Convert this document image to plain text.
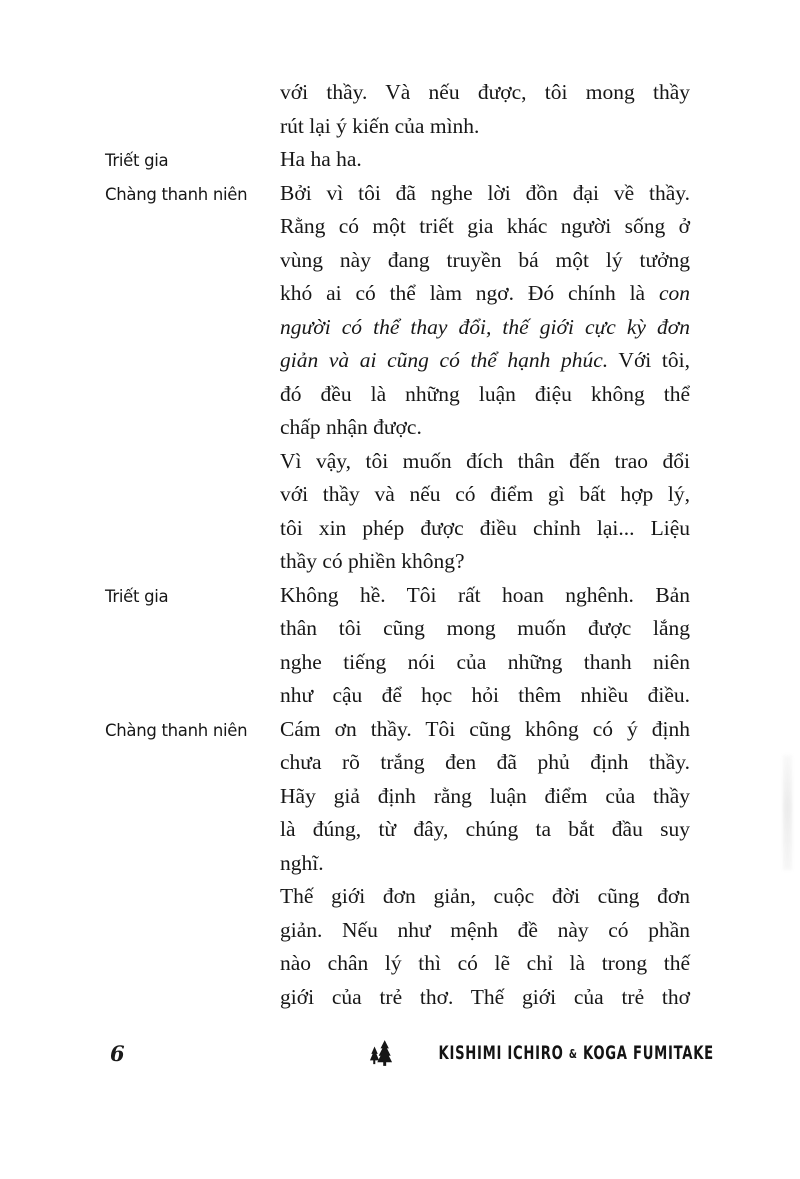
với thầy. Và nếu được, tôi mong thầy
rút lại ý kiến của mình.
Triết gia	Ha ha ha.
Chàng thanh niên	Bởi vì tôi đã nghe lời đồn đại về thầy.
Rằng có một triết gia khác người sống ở
vùng này đang truyền bá một lý tưởng
khó ai có thể làm ngơ. Đó chính là con
người có thể thay đổi, thế giới cực kỳ đơn
giản và ai cũng có thể hạnh phúc. Với tôi,
đó đều là những luận điệu không thể
chấp nhận được.
Vì vậy, tôi muốn đích thân đến trao đổi
với thầy và nếu có điểm gì bất hợp lý,
tôi xin phép được điều chỉnh lại... Liệu
thầy có phiền không?
Triết gia	Không hề. Tôi rất hoan nghênh. Bản
thân tôi cũng mong muốn được lắng
nghe tiếng nói của những thanh niên
như cậu để học hỏi thêm nhiều điều.
Chàng thanh niên	Cám ơn thầy. Tôi cũng không có ý định
chưa rõ trắng đen đã phủ định thầy.
Hãy giả định rằng luận điểm của thầy
là đúng, từ đây, chúng ta bắt đầu suy
nghĩ.
Thế giới đơn giản, cuộc đời cũng đơn
giản. Nếu như mệnh đề này có phần
nào chân lý thì có lẽ chỉ là trong thế
giới của trẻ thơ. Thế giới của trẻ thơ
6	KISHIMI ICHIRO & KOGA FUMITAKE
